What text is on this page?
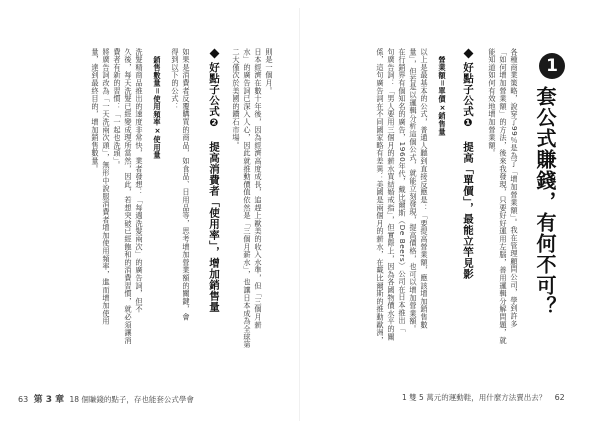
則是一個月。
日本經濟在數十年後，因為經濟高度成長，追趕上歐美的收入水準，但「三個月薪
水」的廣告詞已深入人心，因此就推動價值依然是「三個月薪水」，也讓日本成為全球第
二大僅次於美國的鑽石市場。
好點子公式❷提高消費者「使用率」，增加銷售量
如果是消費者反覆購買的商品，如食品、日用品等，思考增加營業額的關鍵，會
得到以下的公式：
銷售數量＝使用頻率×使用量
洗髮精商品推出的速度非常快，業者發想：「每週洗髮兩次」的廣告詞，但不
久後，每天洗髮已經變成理所當然，因此，若想突破已經飽和的消費習慣，就必須讓消
費者有新的習慣：「一起也洗頭」。
將廣告詞改為「一天洗兩次頭」，無形中說服消費者增加使用頻率，進而增加使用
量，達到最終目的，增加銷售數量。
63 第 3 章 18 個賺錢的點子，存也能套公式學會
1
套公式賺錢，有何不可？
各種商業策略，說穿了99％是為了「增加營業額」。我在管理顧問公司，學到許多
「如何增加營業額」的方法，後來我發現，只要好好運用左腦，善用邏輯分解問題，就
能知道如何有效地增加營業額。
好點子公式❶提高「單價」，最能立竿見影
營業額＝單價×銷售量
以上是最基本的公式，普通人聽到直接反應是：「要提高營業額，應該增加銷售數
量」，但若是以邏輯分析這個公式，就能立刻發現，提高價格，也可以增加營業額。
在行銷界有個知名的廣告，1960年代，戴比爾斯（De Beers）公司在日本推出「
句廣告詞：「男人要用三個月的薪水買結婚戒指」，但實際上，因為各國物價水平的關
係，這句廣告詞在不同國家略有差異：美國是兩個月的薪水，在戴比爾斯的推動歐洲，
1 雙 5 萬元的運動鞋，用什麼方法賣出去？ 62
